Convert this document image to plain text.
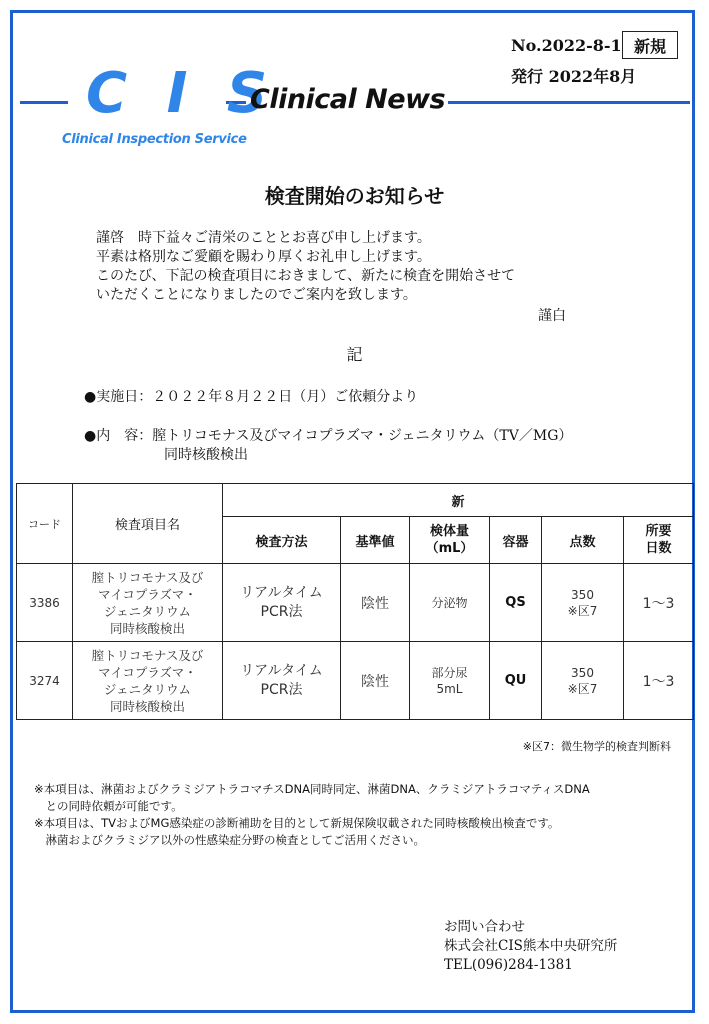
No.2022-8-1 新規
発行 2022年8月
C I S
Clinical Inspection Service
Clinical News
検査開始のお知らせ
謹啓　時下益々ご清栄のこととお喜び申し上げます。
平素は格別なご愛顧を賜わり厚くお礼申し上げます。
このたび、下記の検査項目におきまして、新たに検査を開始させて
いただくことになりましたのでご案内を致します。
謹白
記
●実施日：２０２２年８月２２日（月）ご依頼分より
●内　容：膣トリコモナス及びマイコプラズマ・ジェニタリウム（TV／MG）
同時核酸検出
コード	検査項目名	新					
		検査方法	基準値	検体量
（mL）	容器	点数	所要
日数
3386	膣トリコモナス及び
マイコプラズマ・
ジェニタリウム
同時核酸検出	リアルタイム
PCR法	陰性	分泌物	QS	350
※区7	1～3
3274	膣トリコモナス及び
マイコプラズマ・
ジェニタリウム
同時核酸検出	リアルタイム
PCR法	陰性	部分尿
5mL	QU	350
※区7	1～3
※区7：微生物学的検査判断料
※本項目は、淋菌およびクラミジアトラコマチスDNA同時同定、淋菌DNA、クラミジアトラコマティスDNA
　との同時依頼が可能です。
※本項目は、TVおよびMG感染症の診断補助を目的として新規保険収載された同時核酸検出検査です。
　淋菌およびクラミジア以外の性感染症分野の検査としてご活用ください。
お問い合わせ
株式会社CIS熊本中央研究所
TEL(096)284-1381
